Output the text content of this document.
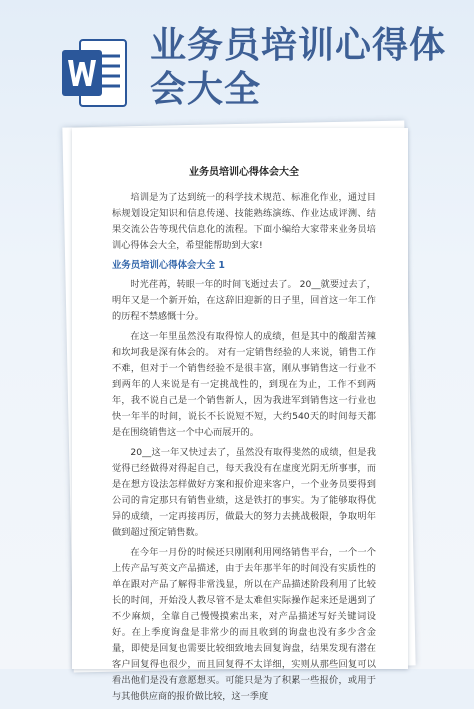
业务员培训心得体会大全
业务员培训心得体会大全

培训是为了达到统一的科学技术规范、标准化作业，通过目标规划设定知识和信息传递、技能熟练演练、作业达成评测、结果交流公告等现代信息化的流程。下面小编给大家带来业务员培训心得体会大全，希望能帮助到大家!

业务员培训心得体会大全 1

时光荏苒，转眼一年的时间飞逝过去了。 20__就要过去了，明年又是一个新开始，在这辞旧迎新的日子里，回首这一年工作的历程不禁感慨十分。

在这一年里虽然没有取得惊人的成绩，但是其中的酸甜苦辣和坎坷我是深有体会的。 对有一定销售经验的人来说，销售工作不难，但对于一个销售经验不是很丰富，刚从事销售这一行业不到两年的人来说是有一定挑战性的，到现在为止，工作不到两年，我不说自己是一个销售新人，因为我进军到销售这一行业也快一年半的时间，说长不长说短不短，大约540天的时间每天都是在围绕销售这一个中心而展开的。

20__这一年又快过去了，虽然没有取得斐然的成绩，但是我觉得已经做得对得起自己，每天我没有在虚度光阴无所事事，而是在想方设法怎样做好方案和报价迎来客户，一个业务员要得到公司的肯定那只有销售业绩，这是铁打的事实。为了能够取得优异的成绩，一定再接再厉，做最大的努力去挑战极限，争取明年做到超过预定销售数。

在今年一月份的时候还只刚刚利用网络销售平台，一个一个上传产品写英文产品描述，由于去年那半年的时间没有实质性的单在跟对产品了解得非常浅显，所以在产品描述阶段利用了比较长的时间，开始没人教尽管不是太难但实际操作起来还是遇到了不少麻烦，全靠自己慢慢摸索出来，对产品描述写好关键词设好。在上季度询盘是非常少的而且收到的询盘也没有多少含金量，即使是回复也需要比较细致地去回复询盘，结果发现有潜在客户回复得也很少，而且回复得不太详细，实则从那些回复可以看出他们是没有意愿想买。可能只是为了积累一些报价，或用于与其他供应商的报价做比较，这一季度
